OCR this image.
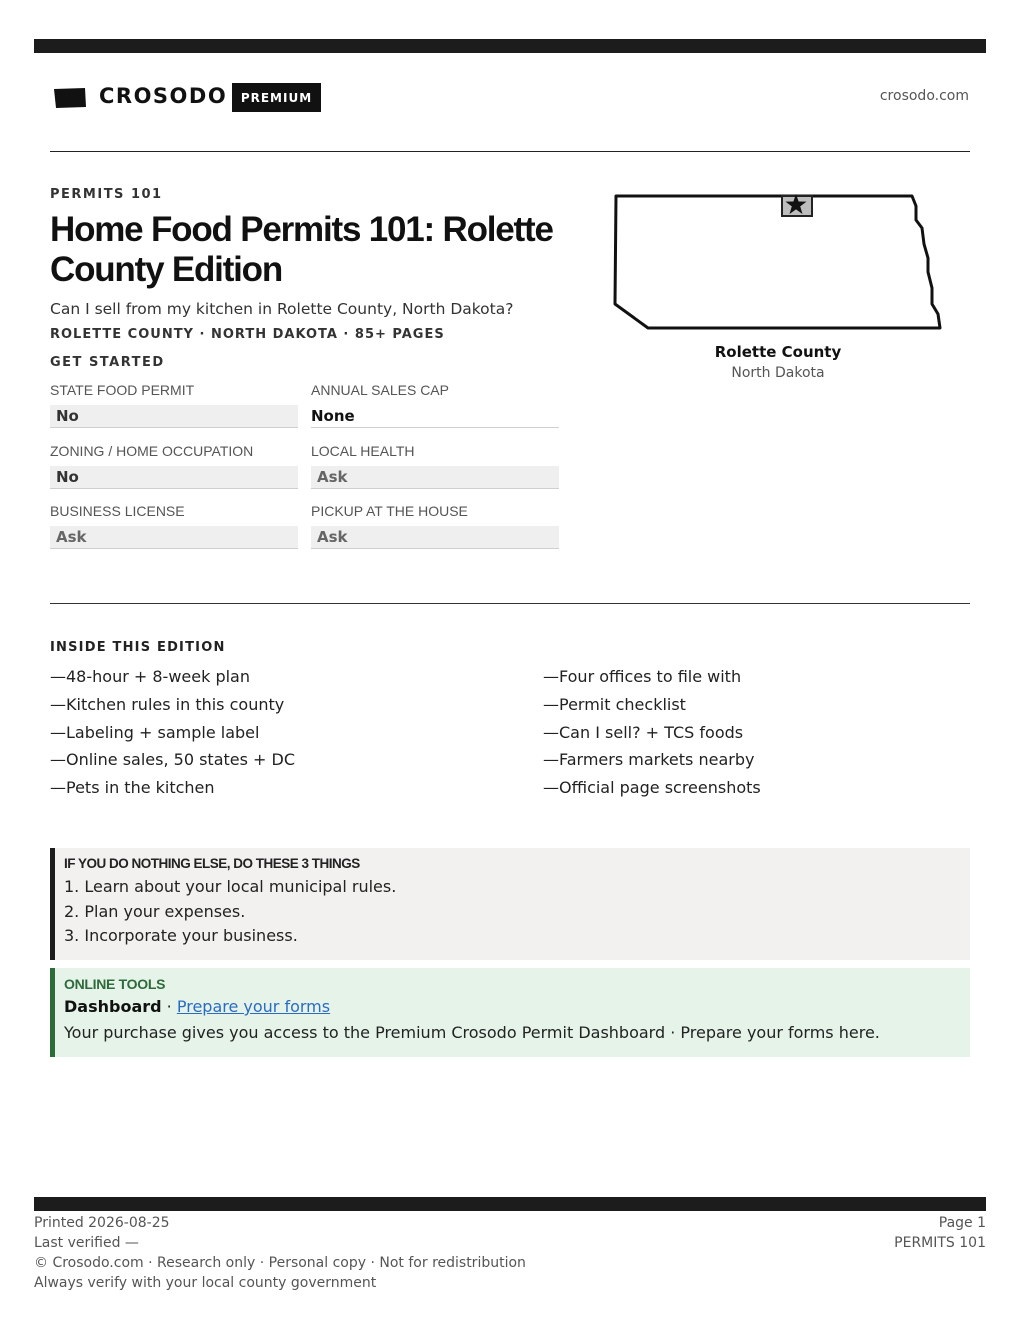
CROSODO	PREMIUM	crosodo.com
PERMITS 101
Home Food Permits 101: Rolette County Edition
Can I sell from my kitchen in Rolette County, North Dakota?
ROLETTE COUNTY · NORTH DAKOTA · 85+ PAGES
GET STARTED
STATE FOOD PERMIT
No
ANNUAL SALES CAP
None
ZONING / HOME OCCUPATION
No
LOCAL HEALTH
Ask
BUSINESS LICENSE
Ask
PICKUP AT THE HOUSE
Ask
Rolette County
North Dakota
INSIDE THIS EDITION
—48-hour + 8-week plan
—Kitchen rules in this county
—Labeling + sample label
—Online sales, 50 states + DC
—Pets in the kitchen
—Four offices to file with
—Permit checklist
—Can I sell? + TCS foods
—Farmers markets nearby
—Official page screenshots
IF YOU DO NOTHING ELSE, DO THESE 3 THINGS
1. Learn about your local municipal rules.
2. Plan your expenses.
3. Incorporate your business.
ONLINE TOOLS
Dashboard · Prepare your forms
Your purchase gives you access to the Premium Crosodo Permit Dashboard · Prepare your forms here.
Printed 2026-08-25
Last verified —
© Crosodo.com · Research only · Personal copy · Not for redistribution
Always verify with your local county government
Page 1
PERMITS 101
